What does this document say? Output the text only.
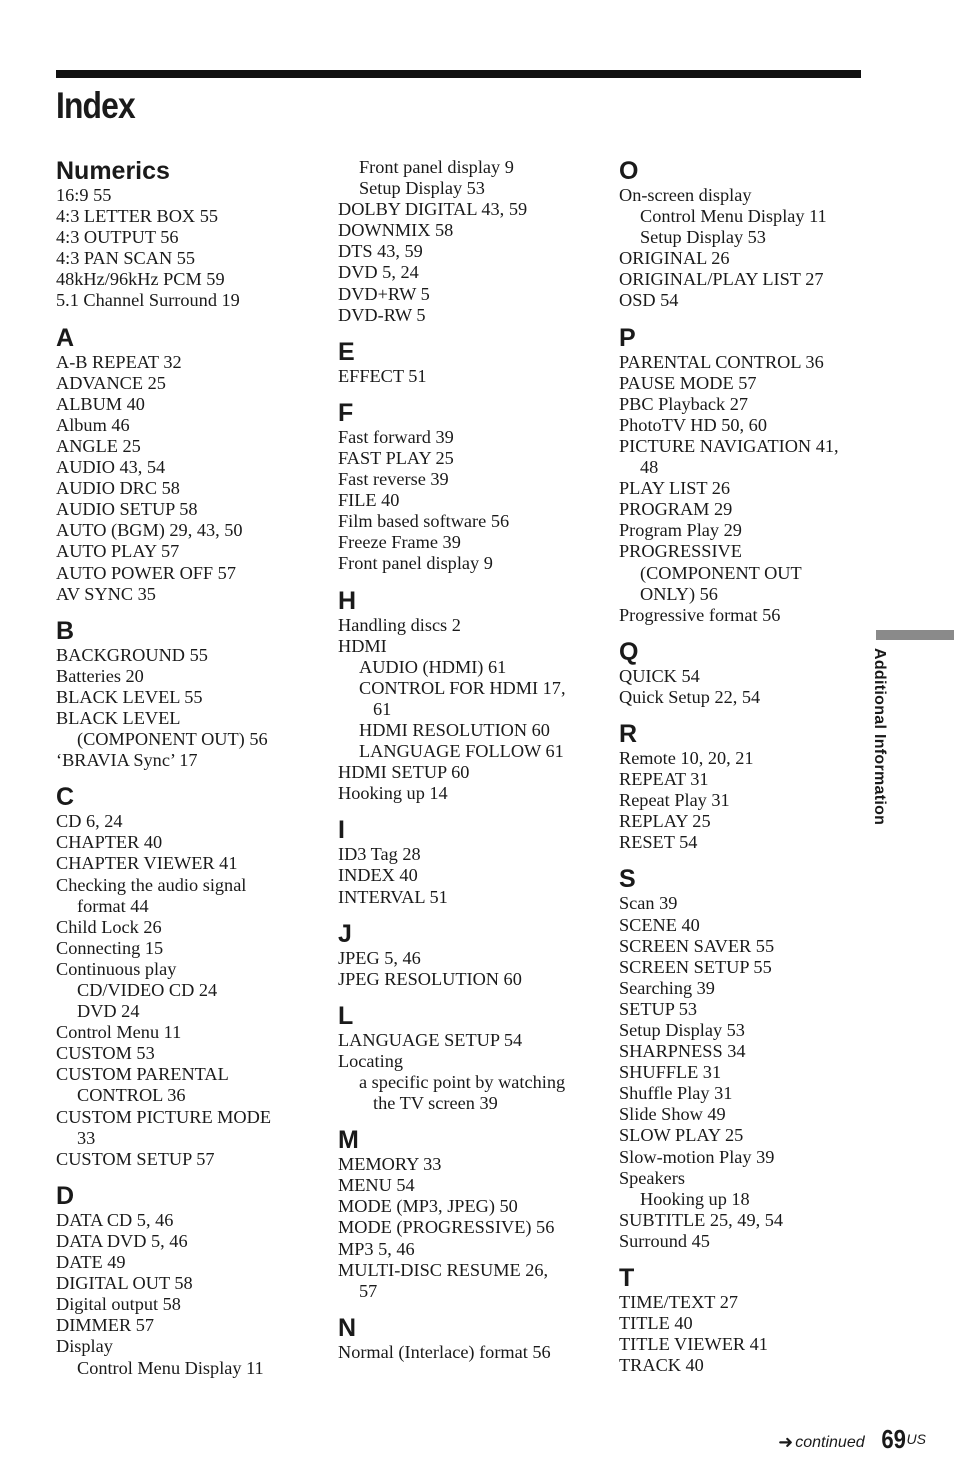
Index
Numerics
16:9 55
4:3 LETTER BOX 55
4:3 OUTPUT 56
4:3 PAN SCAN 55
48kHz/96kHz PCM 59
5.1 Channel Surround 19
A
A-B REPEAT 32
ADVANCE 25
ALBUM 40
Album 46
ANGLE 25
AUDIO 43, 54
AUDIO DRC 58
AUDIO SETUP 58
AUTO (BGM) 29, 43, 50
AUTO PLAY 57
AUTO POWER OFF 57
AV SYNC 35
B
BACKGROUND 55
Batteries 20
BLACK LEVEL 55
BLACK LEVEL
(COMPONENT OUT) 56
‘BRAVIA Sync’ 17
C
CD 6, 24
CHAPTER 40
CHAPTER VIEWER 41
Checking the audio signal
format 44
Child Lock 26
Connecting 15
Continuous play
CD/VIDEO CD 24
DVD 24
Control Menu 11
CUSTOM 53
CUSTOM PARENTAL
CONTROL 36
CUSTOM PICTURE MODE
33
CUSTOM SETUP 57
D
DATA CD 5, 46
DATA DVD 5, 46
DATE 49
DIGITAL OUT 58
Digital output 58
DIMMER 57
Display
Control Menu Display 11
Front panel display 9
Setup Display 53
DOLBY DIGITAL 43, 59
DOWNMIX 58
DTS 43, 59
DVD 5, 24
DVD+RW 5
DVD-RW 5
E
EFFECT 51
F
Fast forward 39
FAST PLAY 25
Fast reverse 39
FILE 40
Film based software 56
Freeze Frame 39
Front panel display 9
H
Handling discs 2
HDMI
AUDIO (HDMI) 61
CONTROL FOR HDMI 17,
61
HDMI RESOLUTION 60
LANGUAGE FOLLOW 61
HDMI SETUP 60
Hooking up 14
I
ID3 Tag 28
INDEX 40
INTERVAL 51
J
JPEG 5, 46
JPEG RESOLUTION 60
L
LANGUAGE SETUP 54
Locating
a specific point by watching
the TV screen 39
M
MEMORY 33
MENU 54
MODE (MP3, JPEG) 50
MODE (PROGRESSIVE) 56
MP3 5, 46
MULTI-DISC RESUME 26,
57
N
Normal (Interlace) format 56
O
On-screen display
Control Menu Display 11
Setup Display 53
ORIGINAL 26
ORIGINAL/PLAY LIST 27
OSD 54
P
PARENTAL CONTROL 36
PAUSE MODE 57
PBC Playback 27
PhotoTV HD 50, 60
PICTURE NAVIGATION 41,
48
PLAY LIST 26
PROGRAM 29
Program Play 29
PROGRESSIVE
(COMPONENT OUT
ONLY) 56
Progressive format 56
Q
QUICK 54
Quick Setup 22, 54
R
Remote 10, 20, 21
REPEAT 31
Repeat Play 31
REPLAY 25
RESET 54
S
Scan 39
SCENE 40
SCREEN SAVER 55
SCREEN SETUP 55
Searching 39
SETUP 53
Setup Display 53
SHARPNESS 34
SHUFFLE 31
Shuffle Play 31
Slide Show 49
SLOW PLAY 25
Slow-motion Play 39
Speakers
Hooking up 18
SUBTITLE 25, 49, 54
Surround 45
T
TIME/TEXT 27
TITLE 40
TITLE VIEWER 41
TRACK 40
Additional Information
➜ continued 69 US
